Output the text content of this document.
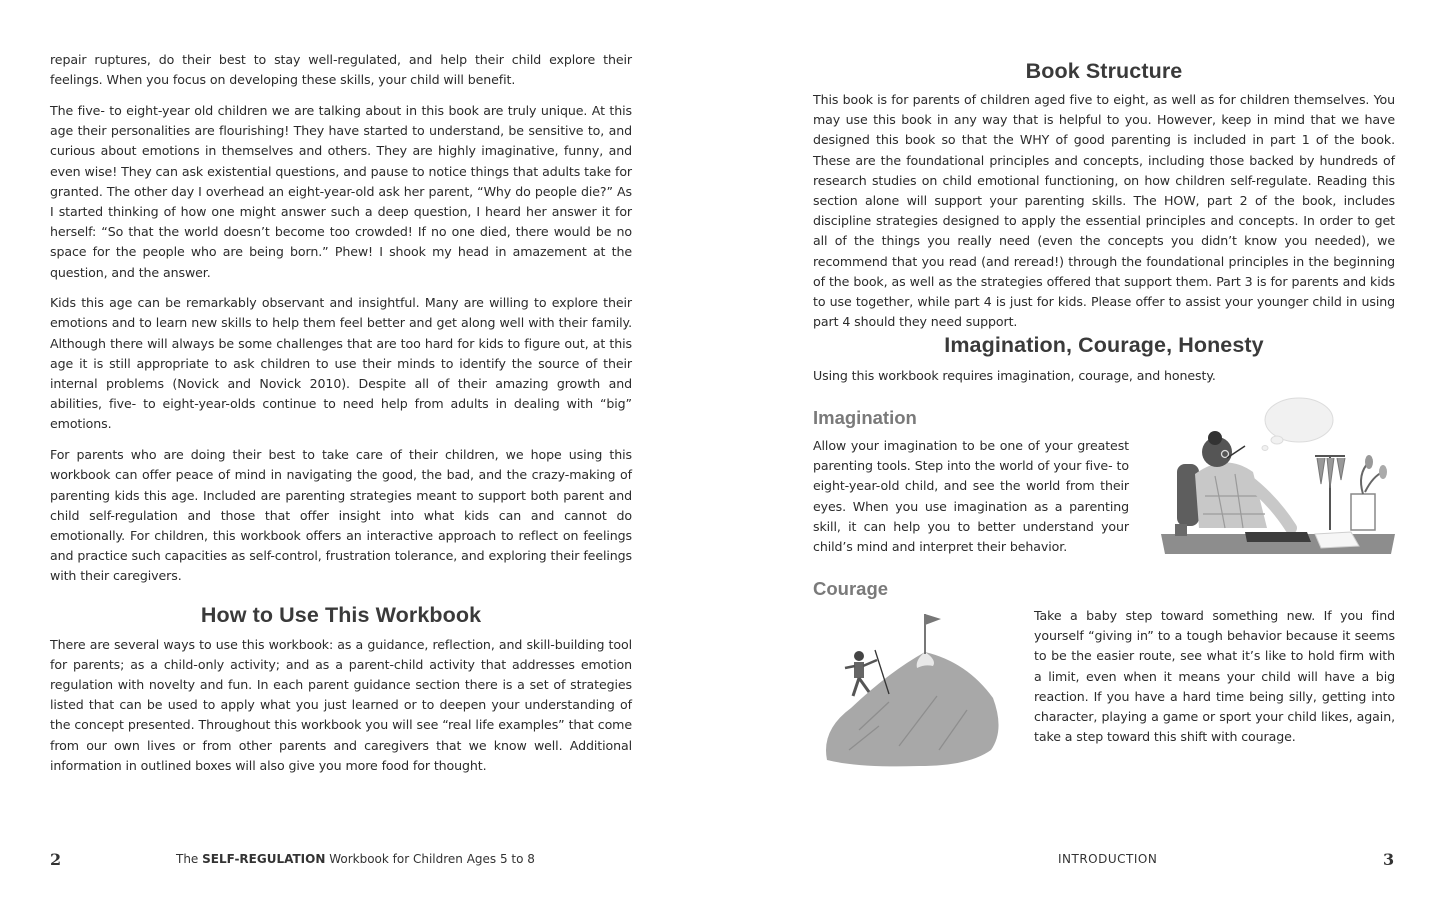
repair ruptures, do their best to stay well-regulated, and help their child explore their feelings. When you focus on developing these skills, your child will benefit.

The five- to eight-year old children we are talking about in this book are truly unique. At this age their personalities are flourishing! They have started to understand, be sensitive to, and curious about emotions in themselves and others. They are highly imaginative, funny, and even wise! They can ask existential questions, and pause to notice things that adults take for granted. The other day I overhead an eight-year-old ask her parent, “Why do people die?” As I started thinking of how one might answer such a deep question, I heard her answer it for herself: “So that the world doesn’t become too crowded! If no one died, there would be no space for the people who are being born.” Phew! I shook my head in amazement at the question, and the answer.

Kids this age can be remarkably observant and insightful. Many are willing to explore their emotions and to learn new skills to help them feel better and get along well with their family. Although there will always be some challenges that are too hard for kids to figure out, at this age it is still appropriate to ask children to use their minds to identify the source of their internal problems (Novick and Novick 2010). Despite all of their amazing growth and abilities, five- to eight-year-olds continue to need help from adults in dealing with “big” emotions.

For parents who are doing their best to take care of their children, we hope using this workbook can offer peace of mind in navigating the good, the bad, and the crazy-making of parenting kids this age. Included are parenting strategies meant to support both parent and child self-regulation and those that offer insight into what kids can and cannot do emotionally. For children, this workbook offers an interactive approach to reflect on feelings and practice such capacities as self-control, frustration tolerance, and exploring their feelings with their caregivers.

How to Use This Workbook

There are several ways to use this workbook: as a guidance, reflection, and skill-building tool for parents; as a child-only activity; and as a parent-child activity that addresses emotion regulation with novelty and fun. In each parent guidance section there is a set of strategies listed that can be used to apply what you just learned or to deepen your understanding of the concept presented. Throughout this workbook you will see “real life examples” that come from our own lives or from other parents and caregivers that we know well. Additional information in outlined boxes will also give you more food for thought.

2	The SELF-REGULATION Workbook for Children Ages 5 to 8
Book Structure

This book is for parents of children aged five to eight, as well as for children themselves. You may use this book in any way that is helpful to you. However, keep in mind that we have designed this book so that the WHY of good parenting is included in part 1 of the book. These are the foundational principles and concepts, including those backed by hundreds of research studies on child emotional functioning, on how children self-regulate. Reading this section alone will support your parenting skills. The HOW, part 2 of the book, includes discipline strategies designed to apply the essential principles and concepts. In order to get all of the things you really need (even the concepts you didn’t know you needed), we recommend that you read (and reread!) through the foundational principles in the beginning of the book, as well as the strategies offered that support them. Part 3 is for parents and kids to use together, while part 4 is just for kids. Please offer to assist your younger child in using part 4 should they need support.

Imagination, Courage, Honesty

Using this workbook requires imagination, courage, and honesty.

Imagination

Allow your imagination to be one of your greatest parenting tools. Step into the world of your five- to eight-year-old child, and see the world from their eyes. When you use imagination as a parenting skill, it can help you to better understand your child’s mind and interpret their behavior.

Courage

Take a baby step toward something new. If you find yourself “giving in” to a tough behavior because it seems to be the easier route, see what it’s like to hold firm with a limit, even when it means your child will have a big reaction. If you have a hard time being silly, getting into character, playing a game or sport your child likes, again, take a step toward this shift with courage.

INTRODUCTION	3
